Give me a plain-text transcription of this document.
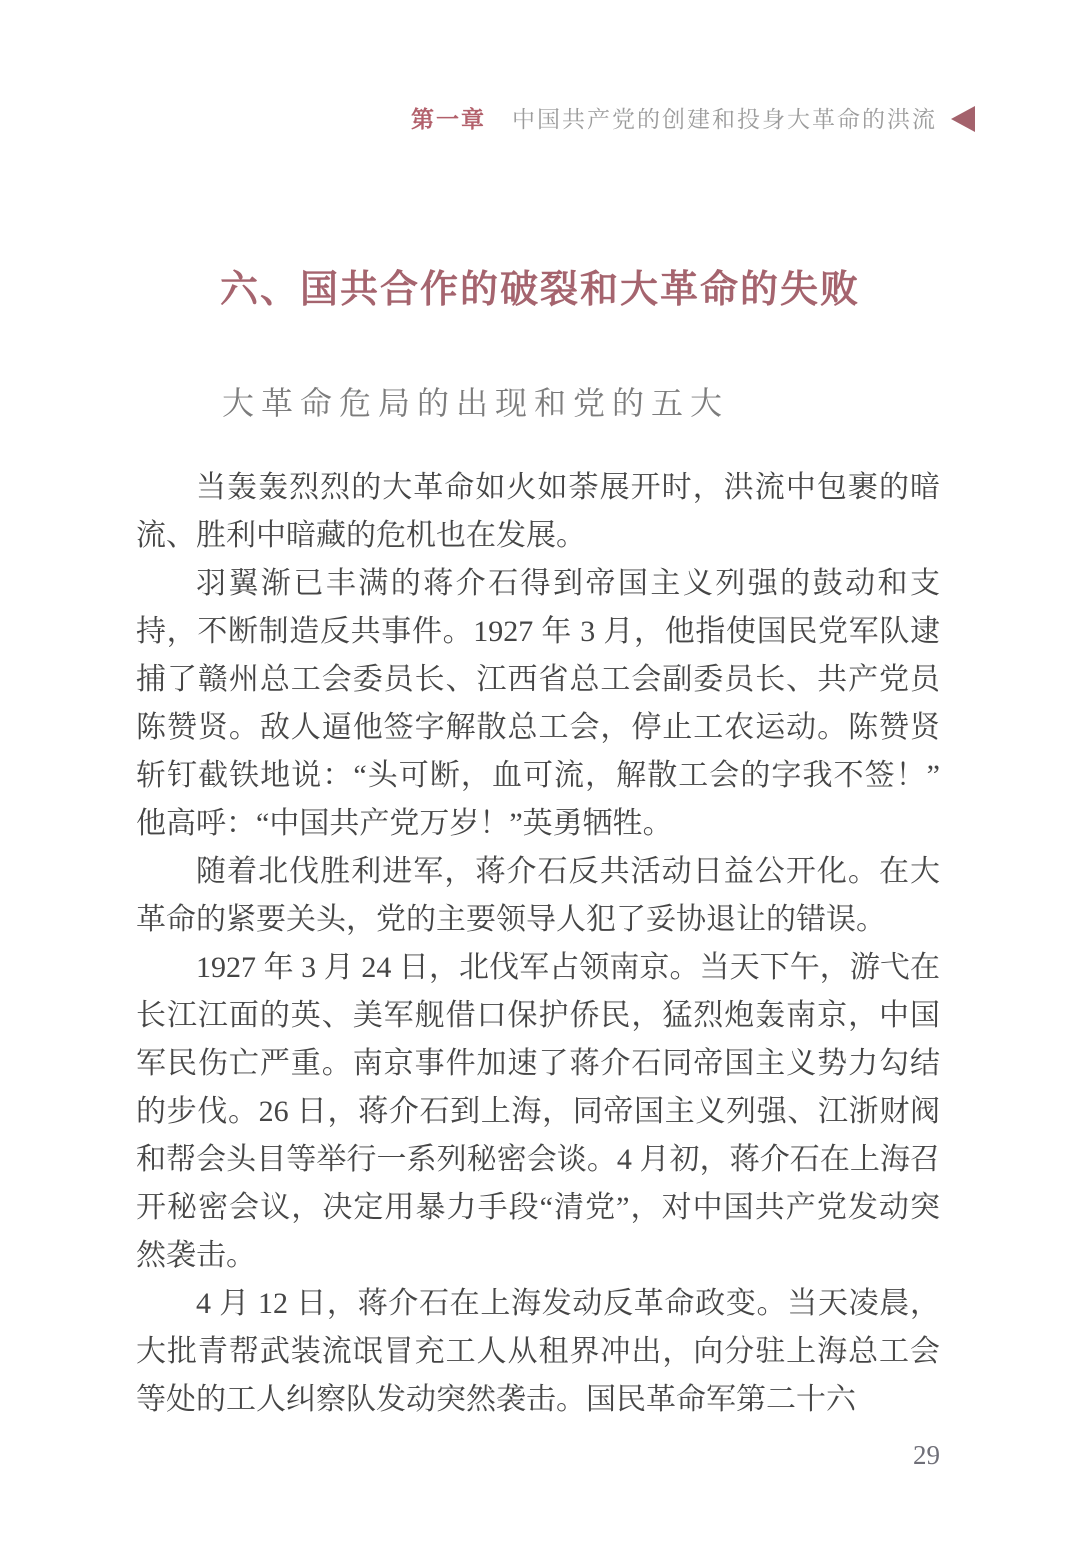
第一章 中国共产党的创建和投身大革命的洪流
六、国共合作的破裂和大革命的失败
大革命危局的出现和党的五大

当轰轰烈烈的大革命如火如荼展开时，洪流中包裹的暗流、胜利中暗藏的危机也在发展。

羽翼渐已丰满的蒋介石得到帝国主义列强的鼓动和支持，不断制造反共事件。1927 年 3 月，他指使国民党军队逮捕了赣州总工会委员长、江西省总工会副委员长、共产党员陈赞贤。敌人逼他签字解散总工会，停止工农运动。陈赞贤斩钉截铁地说：“头可断，血可流，解散工会的字我不签！”他高呼：“中国共产党万岁！”英勇牺牲。

随着北伐胜利进军，蒋介石反共活动日益公开化。在大革命的紧要关头，党的主要领导人犯了妥协退让的错误。

1927 年 3 月 24 日，北伐军占领南京。当天下午，游弋在长江江面的英、美军舰借口保护侨民，猛烈炮轰南京，中国军民伤亡严重。南京事件加速了蒋介石同帝国主义势力勾结的步伐。26 日，蒋介石到上海，同帝国主义列强、江浙财阀和帮会头目等举行一系列秘密会谈。4 月初，蒋介石在上海召开秘密会议，决定用暴力手段“清党”，对中国共产党发动突然袭击。

4 月 12 日，蒋介石在上海发动反革命政变。当天凌晨，大批青帮武装流氓冒充工人从租界冲出，向分驻上海总工会等处的工人纠察队发动突然袭击。国民革命军第二十六

29
